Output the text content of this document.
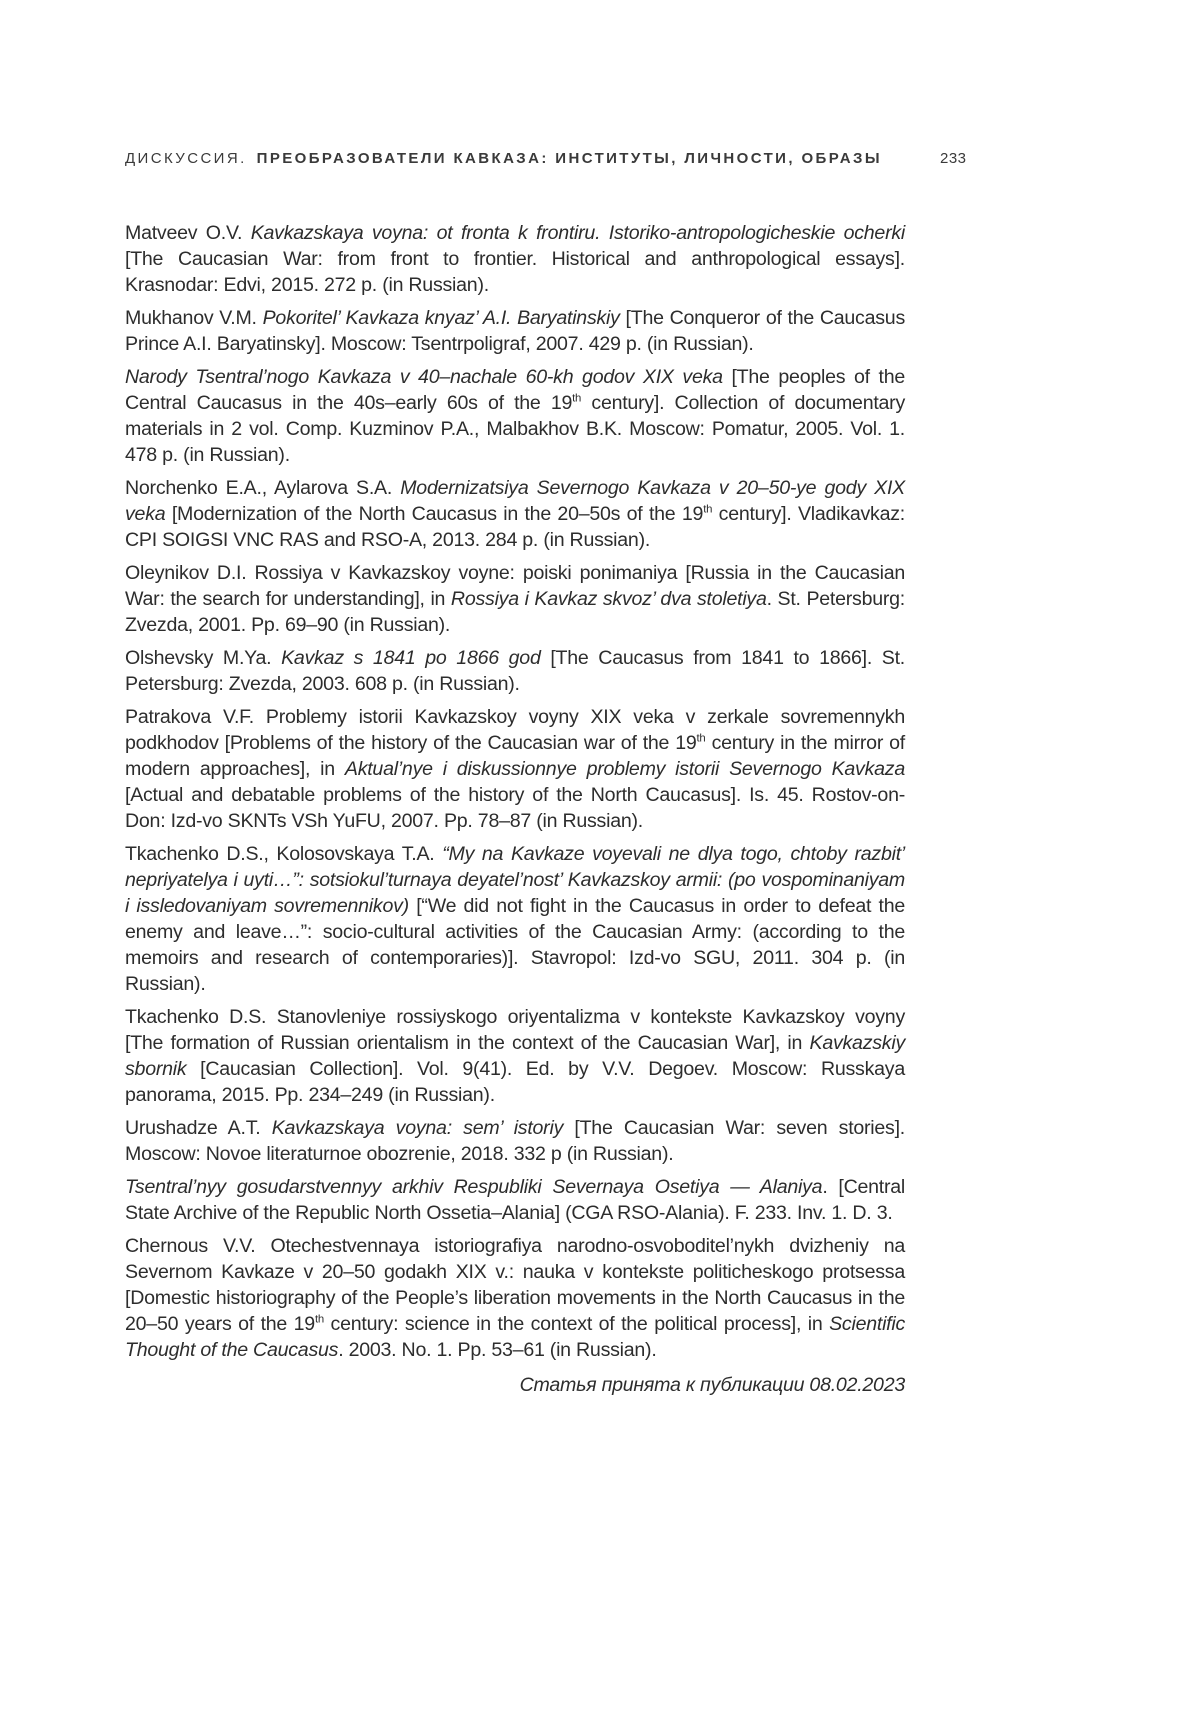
ДИСКУССИЯ. ПРЕОБРАЗОВАТЕЛИ КАВКАЗА: ИНСТИТУТЫ, ЛИЧНОСТИ, ОБРАЗЫ	233

Matveev O.V. Kavkazskaya voyna: ot fronta k frontiru. Istoriko-antropologicheskie ocherki [The Caucasian War: from front to frontier. Historical and anthropological essays]. Krasnodar: Edvi, 2015. 272 p. (in Russian).

Mukhanov V.M. Pokoritel’ Kavkaza knyaz’ A.I. Baryatinskiy [The Conqueror of the Caucasus Prince A.I. Baryatinsky]. Moscow: Tsentrpoligraf, 2007. 429 p. (in Russian).

Narody Tsentral’nogo Kavkaza v 40–nachale 60-kh godov XIX veka [The peoples of the Central Caucasus in the 40s–early 60s of the 19th century]. Collection of documentary materials in 2 vol. Comp. Kuzminov P.A., Malbakhov B.K. Moscow: Pomatur, 2005. Vol. 1. 478 p. (in Russian).

Norchenko E.A., Aylarova S.A. Modernizatsiya Severnogo Kavkaza v 20–50-ye gody XIX veka [Modernization of the North Caucasus in the 20–50s of the 19th century]. Vladikavkaz: CPI SOIGSI VNC RAS and RSO-A, 2013. 284 p. (in Russian).

Oleynikov D.I. Rossiya v Kavkazskoy voyne: poiski ponimaniya [Russia in the Caucasian War: the search for understanding], in Rossiya i Kavkaz skvoz’ dva stoletiya. St. Petersburg: Zvezda, 2001. Pp. 69–90 (in Russian).

Olshevsky M.Ya. Kavkaz s 1841 po 1866 god [The Caucasus from 1841 to 1866]. St. Petersburg: Zvezda, 2003. 608 p. (in Russian).

Patrakova V.F. Problemy istorii Kavkazskoy voyny XIX veka v zerkale sovremennykh podkhodov [Problems of the history of the Caucasian war of the 19th century in the mirror of modern approaches], in Aktual’nye i diskussionnye problemy istorii Severnogo Kavkaza [Actual and debatable problems of the history of the North Caucasus]. Is. 45. Rostov-on-Don: Izd-vo SKNTs VSh YuFU, 2007. Pp. 78–87 (in Russian).

Tkachenko D.S., Kolosovskaya T.A. “My na Kavkaze voyevali ne dlya togo, chtoby razbit’ nepriyatelya i uyti…”: sotsiokul’turnaya deyatel’nost’ Kavkazskoy armii: (po vospominaniyam i issledovaniyam sovremennikov) [“We did not fight in the Caucasus in order to defeat the enemy and leave…”: socio-cultural activities of the Caucasian Army: (according to the memoirs and research of contemporaries)]. Stavropol: Izd-vo SGU, 2011. 304 p. (in Russian).

Tkachenko D.S. Stanovleniye rossiyskogo oriyentalizma v kontekste Kavkazskoy voyny [The formation of Russian orientalism in the context of the Caucasian War], in Kavkazskiy sbornik [Caucasian Collection]. Vol. 9(41). Ed. by V.V. Degoev. Moscow: Russkaya panorama, 2015. Pp. 234–249 (in Russian).

Urushadze A.T. Kavkazskaya voyna: sem’ istoriy [The Caucasian War: seven stories]. Moscow: Novoe literaturnoe obozrenie, 2018. 332 p (in Russian).

Tsentral’nyy gosudarstvennyy arkhiv Respubliki Severnaya Osetiya — Alaniya. [Central State Archive of the Republic North Ossetia–Alania] (CGA RSO-Alania). F. 233. Inv. 1. D. 3.

Chernous V.V. Otechestvennaya istoriografiya narodno-osvoboditel’nykh dvizheniy na Severnom Kavkaze v 20–50 godakh XIX v.: nauka v kontekste politicheskogo protsessa [Domestic historiography of the People’s liberation movements in the North Caucasus in the 20–50 years of the 19th century: science in the context of the political process], in Scientific Thought of the Caucasus. 2003. No. 1. Pp. 53–61 (in Russian).

Статья принята к публикации 08.02.2023
